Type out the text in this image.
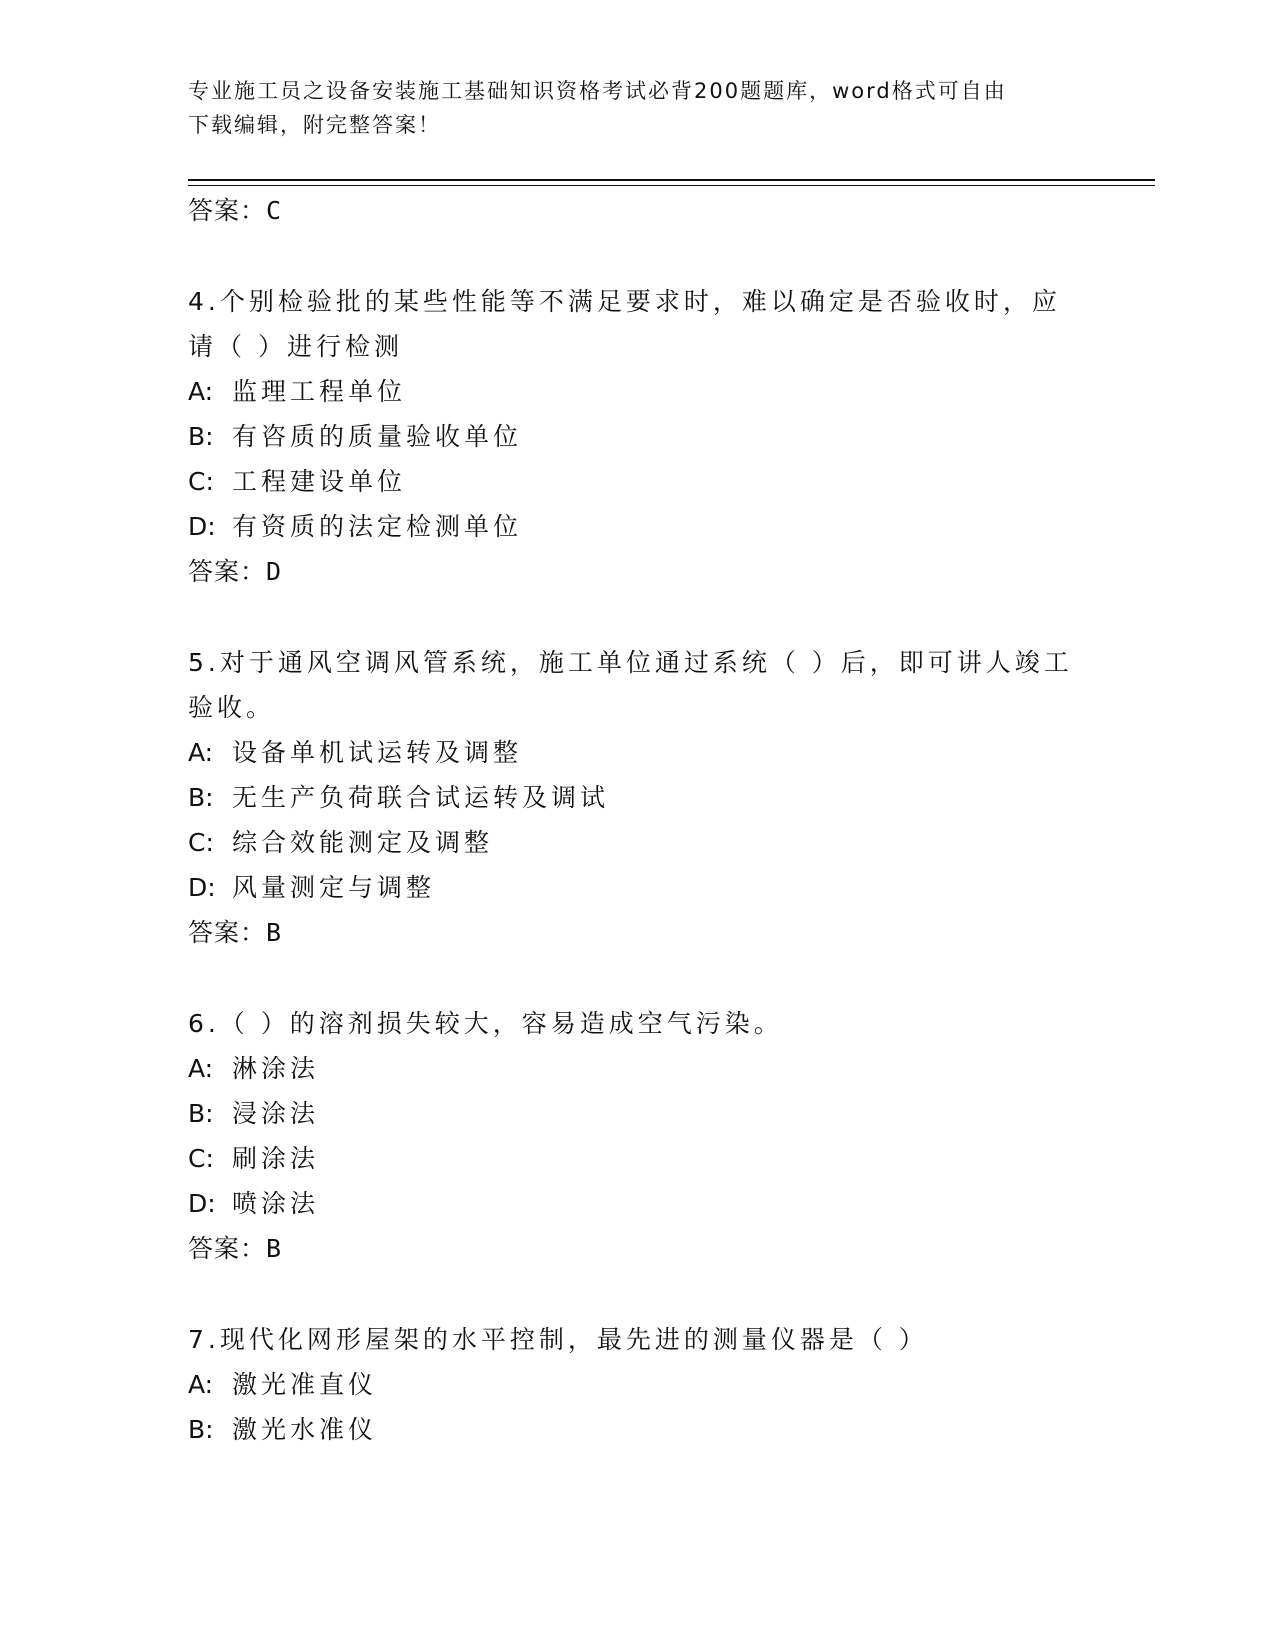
专业施工员之设备安装施工基础知识资格考试必背200题题库，word格式可自由
下载编辑，附完整答案！
答案：C
4.个别检验批的某些性能等不满足要求时，难以确定是否验收时，应
请（ ）进行检测
A: 监理工程单位
B: 有咨质的质量验收单位
C: 工程建设单位
D: 有资质的法定检测单位
答案：D
5.对于通风空调风管系统，施工单位通过系统（ ）后，即可讲人竣工
验收。
A: 设备单机试运转及调整
B: 无生产负荷联合试运转及调试
C: 综合效能测定及调整
D: 风量测定与调整
答案：B
6.（ ）的溶剂损失较大，容易造成空气污染。
A: 淋涂法
B: 浸涂法
C: 刷涂法
D: 喷涂法
答案：B
7.现代化网形屋架的水平控制，最先进的测量仪器是（ ）
A: 激光准直仪
B: 激光水准仪
